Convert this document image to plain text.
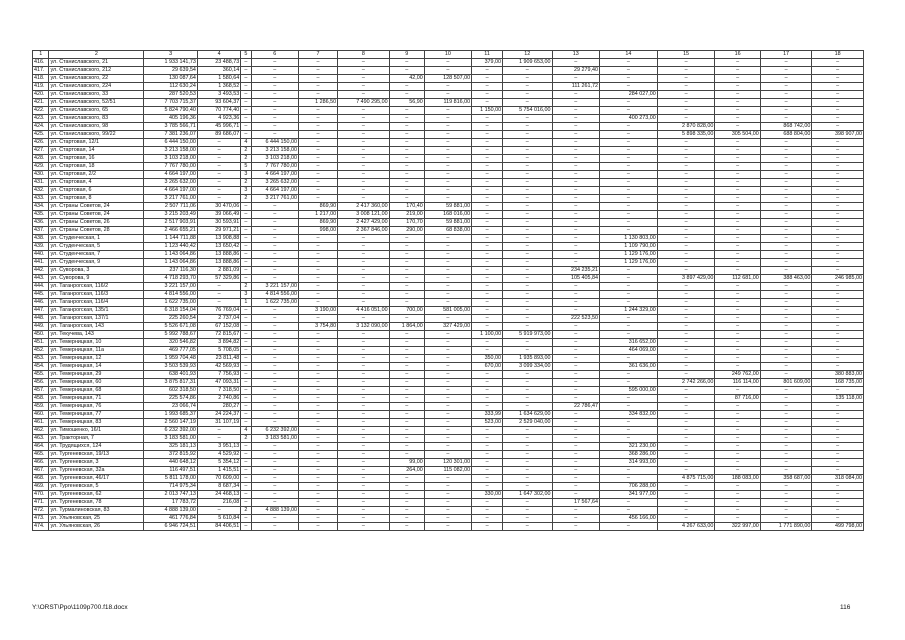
1	2	3	4	5	6	7	8	9	10	11	12	13	14	15	16	17	18
416.	ул. Станиславского, 21	1 933 141,73	23 488,73	–	–	–	–	–	–	379,00	1 909 653,00	–	–	–	–	–	–
417.	ул. Станиславского, 212	29 639,54	360,14	–	–	–	–	–	–	–	–	29 279,40	–	–	–	–	–
418.	ул. Станиславского, 22	130 087,64	1 580,64	–	–	–	–	42,00	128 507,00	–	–	–	–	–	–	–	–
419.	ул. Станиславского, 224	112 630,24	1 368,52	–	–	–	–	–	–	–	–	111 261,72	–	–	–	–	–
420.	ул. Станиславского, 33	287 520,53	3 493,53	–	–	–	–	–	–	–	–	–	284 027,00	–	–	–	–
421.	ул. Станиславского, 52/51	7 703 715,37	93 604,37	–	–	1 286,50	7 490 295,00	56,90	119 816,00	–	–	–	–	–	–	–	–
422.	ул. Станиславского, 65	5 824 790,40	70 774,40	–	–	–	–	–	–	1 150,00	5 754 016,00	–	–	–	–	–	–
423.	ул. Станиславского, 83	405 196,36	4 923,36	–	–	–	–	–	–	–	–	–	400 273,00	–	–	–	–
424.	ул. Станиславского, 98	3 785 566,71	45 996,71	–	–	–	–	–	–	–	–	–	–	2 870 828,00	–	868 742,00	–
425.	ул. Станиславского, 99/22	7 381 236,07	89 686,07	–	–	–	–	–	–	–	–	–	–	5 898 335,00	305 504,00	688 804,00	398 907,00
426.	ул. Стартовая, 12/1	6 444 150,00	–	4	6 444 150,00	–	–	–	–	–	–	–	–	–	–	–	–
427.	ул. Стартовая, 14	3 213 158,00	–	2	3 213 158,00	–	–	–	–	–	–	–	–	–	–	–	–
428.	ул. Стартовая, 16	3 103 218,00	–	2	3 103 218,00	–	–	–	–	–	–	–	–	–	–	–	–
429.	ул. Стартовая, 18	7 767 780,00	–	5	7 767 780,00	–	–	–	–	–	–	–	–	–	–	–	–
430.	ул. Стартовая, 2/2	4 664 197,00	–	3	4 664 197,00	–	–	–	–	–	–	–	–	–	–	–	–
431.	ул. Стартовая, 4	3 265 632,00	–	2	3 265 632,00	–	–	–	–	–	–	–	–	–	–	–	–
432.	ул. Стартовая, 6	4 664 197,00	–	3	4 664 197,00	–	–	–	–	–	–	–	–	–	–	–	–
433.	ул. Стартовая, 8	3 217 761,00	–	2	3 217 761,00	–	–	–	–	–	–	–	–	–	–	–	–
434.	ул. Страны Советов, 24	2 507 711,06	30 470,06	–	–	869,90	2 417 360,00	170,40	59 881,00	–	–	–	–	–	–	–	–
435.	ул. Страны Советов, 24	3 215 203,49	39 066,49	–	–	1 217,00	3 008 121,00	219,00	168 016,00	–	–	–	–	–	–	–	–
436.	ул. Страны Советов, 26	2 517 903,91	30 593,91	–	–	869,90	2 427 429,00	170,70	59 881,00	–	–	–	–	–	–	–	–
437.	ул. Страны Советов, 28	2 466 655,21	29 971,21	–	–	998,00	2 367 846,00	290,00	68 838,00	–	–	–	–	–	–	–	–
438.	ул. Студенческая, 1	1 144 711,88	13 908,88	–	–	–	–	–	–	–	–	–	1 130 803,00	–	–	–	–
439.	ул. Студенческая, 5	1 123 440,42	13 650,42	–	–	–	–	–	–	–	–	–	1 109 790,00	–	–	–	–
440.	ул. Студенческая, 7	1 143 064,86	13 888,86	–	–	–	–	–	–	–	–	–	1 129 176,00	–	–	–	–
441.	ул. Студенческая, 9	1 143 064,86	13 888,86	–	–	–	–	–	–	–	–	–	1 129 176,00	–	–	–	–
442.	ул. Суворова, 3	237 116,30	2 881,09	–	–	–	–	–	–	–	–	234 235,21	–	–	–	–	–
443.	ул. Суворова, 9	4 718 293,70	57 329,86	–	–	–	–	–	–	–	–	105 405,84	–	3 897 429,00	112 681,00	388 463,00	246 985,00
444.	ул. Таганрогская, 116/2	3 221 157,00	–	2	3 221 157,00	–	–	–	–	–	–	–	–	–	–	–	–
445.	ул. Таганрогская, 116/3	4 814 556,00	–	3	4 814 556,00	–	–	–	–	–	–	–	–	–	–	–	–
446.	ул. Таганрогская, 116/4	1 622 735,00	–	1	1 622 735,00	–	–	–	–	–	–	–	–	–	–	–	–
447.	ул. Таганрогская, 135/1	6 318 154,04	76 769,04	–	–	3 190,00	4 416 051,00	700,00	581 005,00	–	–	–	1 244 329,00	–	–	–	–
448.	ул. Таганрогская, 137/1	225 260,54	2 737,04	–	–	–	–	–	–	–	–	222 523,50	–	–	–	–	–
449.	ул. Таганрогская, 143	5 526 671,08	67 152,08	–	–	3 754,80	3 132 090,00	1 864,00	327 429,00	–	–	–	–	–	–	–	–
450.	ул. Текучева, 143	5 992 788,67	72 815,67	–	–	–	–	–	–	1 100,00	5 919 973,00	–	–	–	–	–	–
451.	ул. Темерницкая, 10	320 546,82	3 894,82	–	–	–	–	–	–	–	–	–	316 652,00	–	–	–	–
452.	ул. Темерницкая, 11а	469 777,05	5 708,05	–	–	–	–	–	–	–	–	–	464 069,00	–	–	–	–
453.	ул. Темерницкая, 12	1 959 704,48	23 811,48	–	–	–	–	–	–	350,00	1 935 893,00	–	–	–	–	–	–
454.	ул. Темерницкая, 14	3 503 539,93	42 569,93	–	–	–	–	–	–	670,00	3 099 334,00	–	361 636,00	–	–	–	–
455.	ул. Темерницкая, 29	638 401,93	7 756,93	–	–	–	–	–	–	–	–	–	–	–	249 762,00	–	380 883,00
456.	ул. Темерницкая, 60	3 875 817,31	47 093,31	–	–	–	–	–	–	–	–	–	–	2 742 266,00	116 114,00	801 609,00	168 735,00
457.	ул. Темерницкая, 68	602 318,50	7 318,50	–	–	–	–	–	–	–	–	–	595 000,00	–	–	–	–
458.	ул. Темерницкая, 71	225 574,86	2 740,86	–	–	–	–	–	–	–	–	–	–	–	87 716,00	–	135 118,00
459.	ул. Темерницкая, 76	23 066,74	280,27	–	–	–	–	–	–	–	–	22 786,47	–	–	–	–	–
460.	ул. Темерницкая, 77	1 993 685,37	24 224,37	–	–	–	–	–	–	333,99	1 634 629,00	–	334 832,00	–	–	–	–
461.	ул. Темерницкая, 83	2 560 147,19	31 107,19	–	–	–	–	–	–	523,00	2 529 040,00	–	–	–	–	–	–
462.	ул. Тимошенко, 16/1	6 232 392,00	–	4	6 232 392,00	–	–	–	–	–	–	–	–	–	–	–	–
463.	ул. Тракторная, 7	3 183 581,00	–	2	3 183 581,00	–	–	–	–	–	–	–	–	–	–	–	–
464.	ул. Трудящихся, 124	325 181,13	3 951,13	–	–	–	–	–	–	–	–	–	321 230,00	–	–	–	–
465.	ул. Тургеневская, 19/13	372 815,92	4 529,92	–	–	–	–	–	–	–	–	–	368 286,00	–	–	–	–
466.	ул. Тургеневская, 3	440 648,12	5 354,12	–	–	–	–	99,00	120 301,00	–	–	–	314 993,00	–	–	–	–
467.	ул. Тургеневская, 32а	116 497,51	1 415,51	–	–	–	–	264,00	115 082,00	–	–	–	–	–	–	–	–
468.	ул. Тургеневская, 46/17	5 811 178,00	70 609,00	–	–	–	–	–	–	–	–	–	–	4 875 715,00	188 083,00	358 687,00	318 084,00
469.	ул. Тургеневская, 5	714 975,34	8 687,34	–	–	–	–	–	–	–	–	–	706 288,00	–	–	–	–
470.	ул. Тургеневская, 62	2 013 747,13	24 468,13	–	–	–	–	–	–	330,00	1 647 302,00	–	341 977,00	–	–	–	–
471.	ул. Тургеневская, 78	17 783,72	216,08	–	–	–	–	–	–	–	–	17 567,64	–	–	–	–	–
472.	ул. Турмалиновская, 83	4 888 139,00	–	2	4 888 139,00	–	–	–	–	–	–	–	–	–	–	–	–
473.	ул. Ульяновская, 25	461 776,84	5 610,84	–	–	–	–	–	–	–	–	–	456 166,00	–	–	–	–
474.	ул. Ульяновская, 26	6 946 724,51	84 406,51	–	–	–	–	–	–	–	–	–	–	4 267 633,00	322 997,00	1 771 890,00	499 798,00
Y:\ORST\Ppo\1109p700.f18.docx	116
